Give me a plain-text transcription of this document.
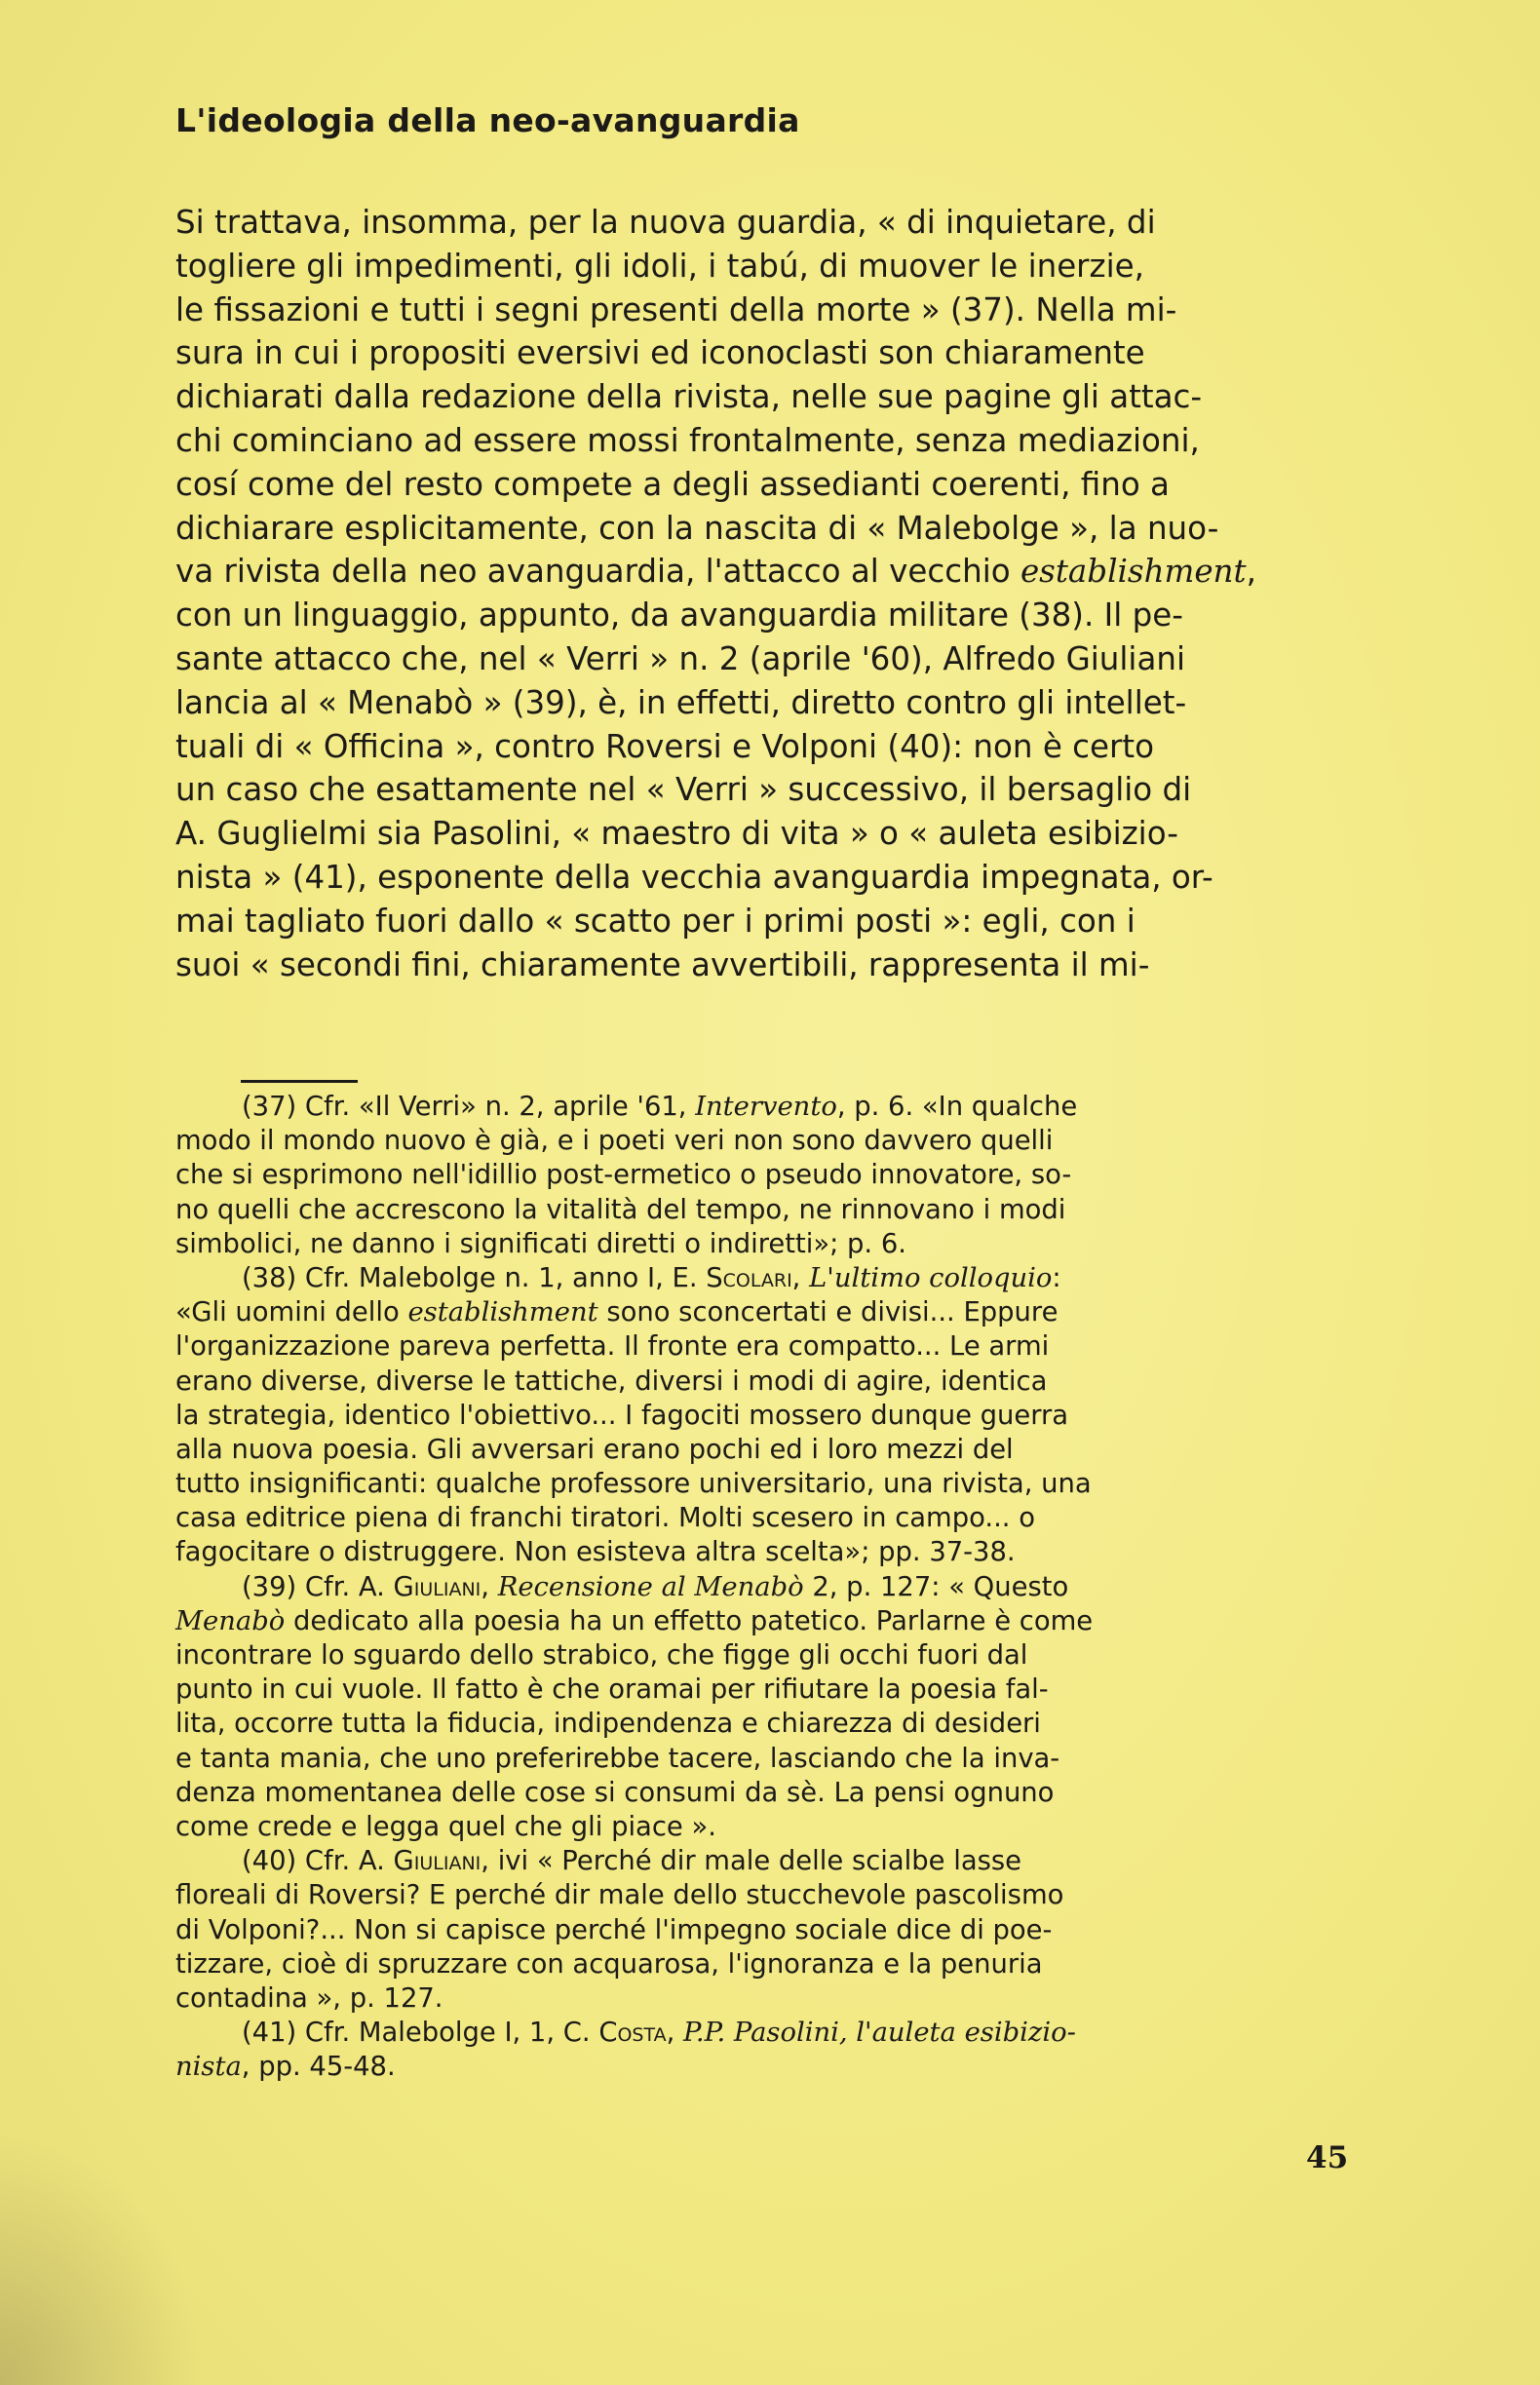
L'ideologia della neo-avanguardia
Si trattava, insomma, per la nuova guardia, « di inquietare, di
togliere gli impedimenti, gli idoli, i tabú, di muover le inerzie,
le fissazioni e tutti i segni presenti della morte » (37). Nella mi-
sura in cui i propositi eversivi ed iconoclasti son chiaramente
dichiarati dalla redazione della rivista, nelle sue pagine gli attac-
chi cominciano ad essere mossi frontalmente, senza mediazioni,
cosí come del resto compete a degli assedianti coerenti, fino a
dichiarare esplicitamente, con la nascita di « Malebolge », la nuo-
va rivista della neo avanguardia, l'attacco al vecchio establishment,
con un linguaggio, appunto, da avanguardia militare (38). Il pe-
sante attacco che, nel « Verri » n. 2 (aprile '60), Alfredo Giuliani
lancia al « Menabò » (39), è, in effetti, diretto contro gli intellet-
tuali di « Officina », contro Roversi e Volponi (40): non è certo
un caso che esattamente nel « Verri » successivo, il bersaglio di
A. Guglielmi sia Pasolini, « maestro di vita » o « auleta esibizio-
nista » (41), esponente della vecchia avanguardia impegnata, or-
mai tagliato fuori dallo « scatto per i primi posti »: egli, con i
suoi « secondi fini, chiaramente avvertibili, rappresenta il mi-
(37) Cfr. «Il Verri» n. 2, aprile '61, Intervento, p. 6. «In qualche
modo il mondo nuovo è già, e i poeti veri non sono davvero quelli
che si esprimono nell'idillio post-ermetico o pseudo innovatore, so-
no quelli che accrescono la vitalità del tempo, ne rinnovano i modi
simbolici, ne danno i significati diretti o indiretti»; p. 6.
(38) Cfr. Malebolge n. 1, anno I, E. Scolari, L'ultimo colloquio:
«Gli uomini dello establishment sono sconcertati e divisi... Eppure
l'organizzazione pareva perfetta. Il fronte era compatto... Le armi
erano diverse, diverse le tattiche, diversi i modi di agire, identica
la strategia, identico l'obiettivo... I fagociti mossero dunque guerra
alla nuova poesia. Gli avversari erano pochi ed i loro mezzi del
tutto insignificanti: qualche professore universitario, una rivista, una
casa editrice piena di franchi tiratori. Molti scesero in campo... o
fagocitare o distruggere. Non esisteva altra scelta»; pp. 37-38.
(39) Cfr. A. Giuliani, Recensione al Menabò 2, p. 127: « Questo
Menabò dedicato alla poesia ha un effetto patetico. Parlarne è come
incontrare lo sguardo dello strabico, che figge gli occhi fuori dal
punto in cui vuole. Il fatto è che oramai per rifiutare la poesia fal-
lita, occorre tutta la fiducia, indipendenza e chiarezza di desideri
e tanta mania, che uno preferirebbe tacere, lasciando che la inva-
denza momentanea delle cose si consumi da sè. La pensi ognuno
come crede e legga quel che gli piace ».
(40) Cfr. A. Giuliani, ivi « Perché dir male delle scialbe lasse
floreali di Roversi? E perché dir male dello stucchevole pascolismo
di Volponi?... Non si capisce perché l'impegno sociale dice di poe-
tizzare, cioè di spruzzare con acquarosa, l'ignoranza e la penuria
contadina », p. 127.
(41) Cfr. Malebolge I, 1, C. Costa, P.P. Pasolini, l'auleta esibizio-
nista, pp. 45-48.
45
